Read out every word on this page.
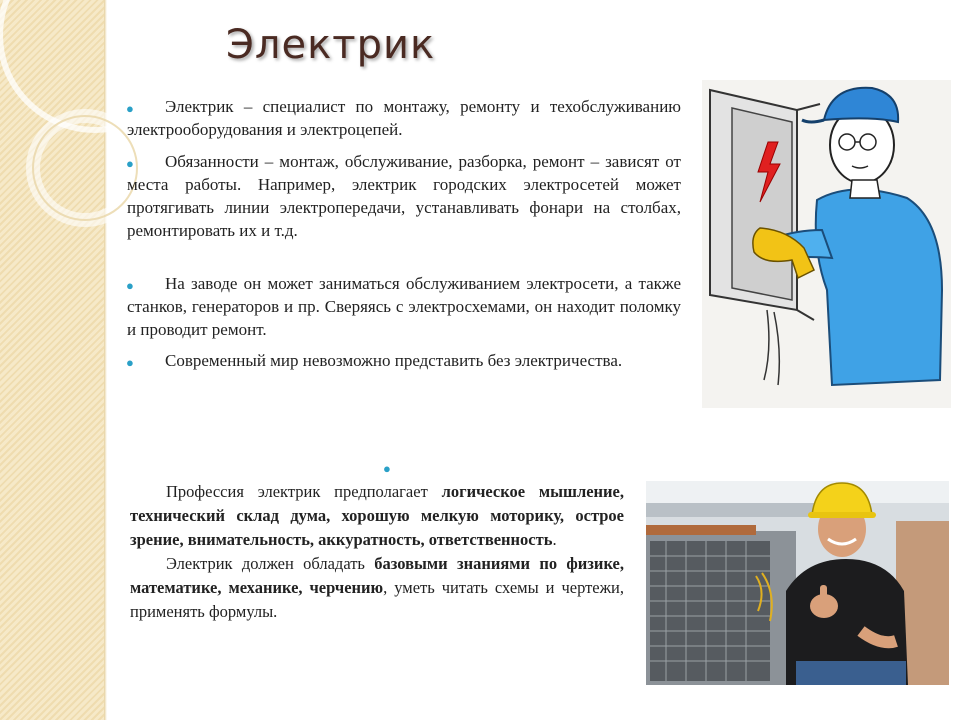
Электрик
●	Электрик – специалист по монтажу, ремонту и техобслуживанию электрооборудования и электроцепей.
●	Обязанности – монтаж, обслуживание, разборка, ремонт – зависят от места работы. Например, электрик городских электросетей может протягивать линии электропередачи, устанавливать фонари на столбах, ремонтировать их и т.д.
●	На заводе он может заниматься обслуживанием электросети, а также станков, генераторов и пр. Сверяясь с электросхемами, он находит поломку и проводит ремонт.
●	Современный мир невозможно представить без электричества.
●

Профессия электрик предполагает логическое мышление, технический склад дума, хорошую мелкую моторику, острое зрение, внимательность, аккуратность, ответственность.

Электрик должен обладать базовыми знаниями по физике, математике, механике, черчению, уметь читать схемы и чертежи, применять формулы.
